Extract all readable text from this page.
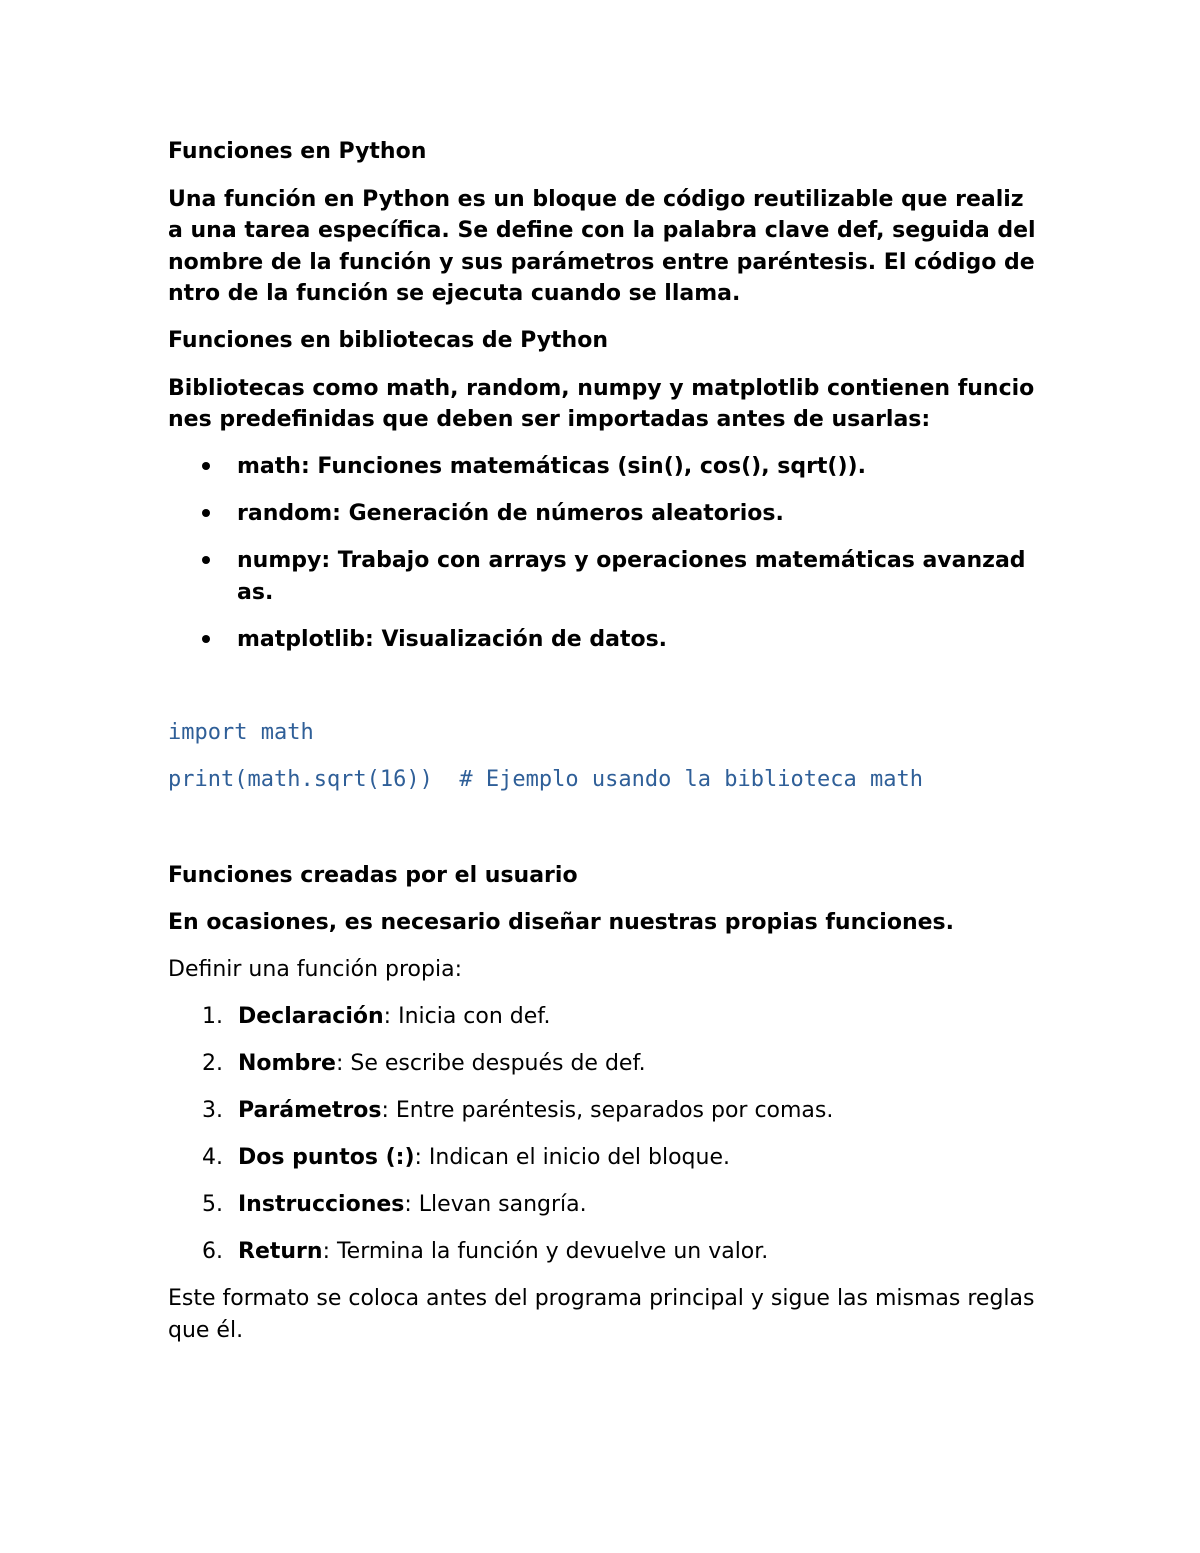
Funciones en Python

Una función en Python es un bloque de código reutilizable que realiza una tarea específica. Se define con la palabra clave def, seguida del nombre de la función y sus parámetros entre paréntesis. El código dentro de la función se ejecuta cuando se llama.

Funciones en bibliotecas de Python

Bibliotecas como math, random, numpy y matplotlib contienen funciones predefinidas que deben ser importadas antes de usarlas:

math: Funciones matemáticas (sin(), cos(), sqrt()).
random: Generación de números aleatorios.
numpy: Trabajo con arrays y operaciones matemáticas avanzadas.
matplotlib: Visualización de datos.
import math
print(math.sqrt(16))  # Ejemplo usando la biblioteca math

Funciones creadas por el usuario

En ocasiones, es necesario diseñar nuestras propias funciones.

Definir una función propia:

1. Declaración: Inicia con def.
2. Nombre: Se escribe después de def.
3. Parámetros: Entre paréntesis, separados por comas.
4. Dos puntos (:): Indican el inicio del bloque.
5. Instrucciones: Llevan sangría.
6. Return: Termina la función y devuelve un valor.

Este formato se coloca antes del programa principal y sigue las mismas reglas que él.
